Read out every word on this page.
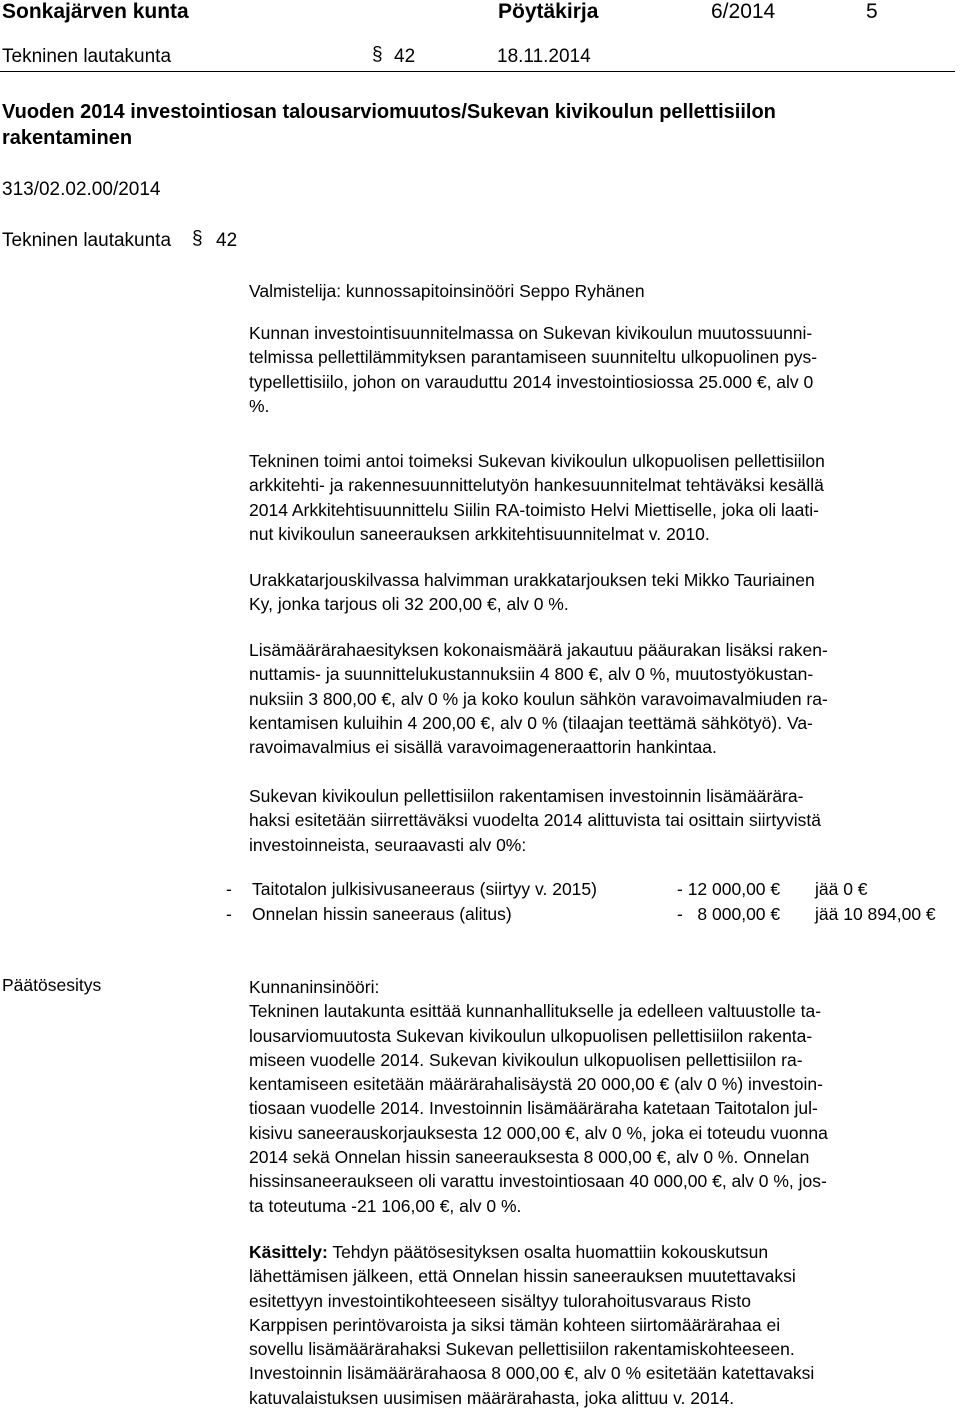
Sonkajärven kunta	Pöytäkirja	6/2014	5
Tekninen lautakunta	§ 42	18.11.2014
Vuoden 2014 investointiosan talousarviomuutos/Sukevan kivikoulun pellettisiilon
rakentaminen
313/02.02.00/2014
Tekninen lautakunta § 42
Valmistelija: kunnossapitoinsinööri Seppo Ryhänen
Kunnan investointisuunnitelmassa on Sukevan kivikoulun muutossuunni-
telmissa pellettilämmityksen parantamiseen suunniteltu ulkopuolinen pys-
typellettisiilo, johon on varauduttu 2014 investointiosiossa 25.000 €, alv 0
%.
Tekninen toimi antoi toimeksi Sukevan kivikoulun ulkopuolisen pellettisiilon
arkkitehti- ja rakennesuunnittelutyön hankesuunnitelmat tehtäväksi kesällä
2014 Arkkitehtisuunnittelu Siilin RA-toimisto Helvi Miettiselle, joka oli laati-
nut kivikoulun saneerauksen arkkitehtisuunnitelmat v. 2010.
Urakkatarjouskilvassa halvimman urakkatarjouksen teki Mikko Tauriainen
Ky, jonka tarjous oli 32 200,00 €, alv 0 %.
Lisämäärärahaesityksen kokonaismäärä jakautuu pääurakan lisäksi raken-
nuttamis- ja suunnittelukustannuksiin 4 800 €, alv 0 %, muutostyökustan-
nuksiin 3 800,00 €, alv 0 % ja koko koulun sähkön varavoimavalmiuden ra-
kentamisen kuluihin 4 200,00 €, alv 0 % (tilaajan teettämä sähkötyö). Va-
ravoimavalmius ei sisällä varavoimageneraattorin hankintaa.
Sukevan kivikoulun pellettisiilon rakentamisen investoinnin lisämäärära-
haksi esitetään siirrettäväksi vuodelta 2014 alittuvista tai osittain siirtyvistä
investoinneista, seuraavasti alv 0%:
- Taitotalon julkisivusaneeraus (siirtyy v. 2015)	- 12 000,00 € jää 0 €
- Onnelan hissin saneeraus (alitus)	-   8 000,00 € jää 10 894,00 €
Päätösesitys	Kunnaninsinööri:
Tekninen lautakunta esittää kunnanhallitukselle ja edelleen valtuustolle ta-
lousarviomuutosta Sukevan kivikoulun ulkopuolisen pellettisiilon rakenta-
miseen vuodelle 2014. Sukevan kivikoulun ulkopuolisen pellettisiilon ra-
kentamiseen esitetään määrärahalisäystä 20 000,00 € (alv 0 %) investoin-
tiosaan vuodelle 2014. Investoinnin lisämääräraha katetaan Taitotalon jul-
kisivu saneerauskorjauksesta 12 000,00 €, alv 0 %, joka ei toteudu vuonna
2014 sekä Onnelan hissin saneerauksesta 8 000,00 €, alv 0 %. Onnelan
hissinsaneeraukseen oli varattu investointiosaan 40 000,00 €, alv 0 %, jos-
ta toteutuma -21 106,00 €, alv 0 %.
Käsittely: Tehdyn päätösesityksen osalta huomattiin kokouskutsun
lähettämisen jälkeen, että Onnelan hissin saneerauksen muutettavaksi
esitettyyn investointikohteeseen sisältyy tulorahoitusvaraus Risto
Karppisen perintövaroista ja siksi tämän kohteen siirtomäärärahaa ei
sovellu lisämäärärahaksi Sukevan pellettisiilon rakentamiskohteeseen.
Investoinnin lisämäärärahaosa 8 000,00 €, alv 0 % esitetään katettavaksi
katuvalaistuksen uusimisen määrärahasta, joka alittuu v. 2014.
